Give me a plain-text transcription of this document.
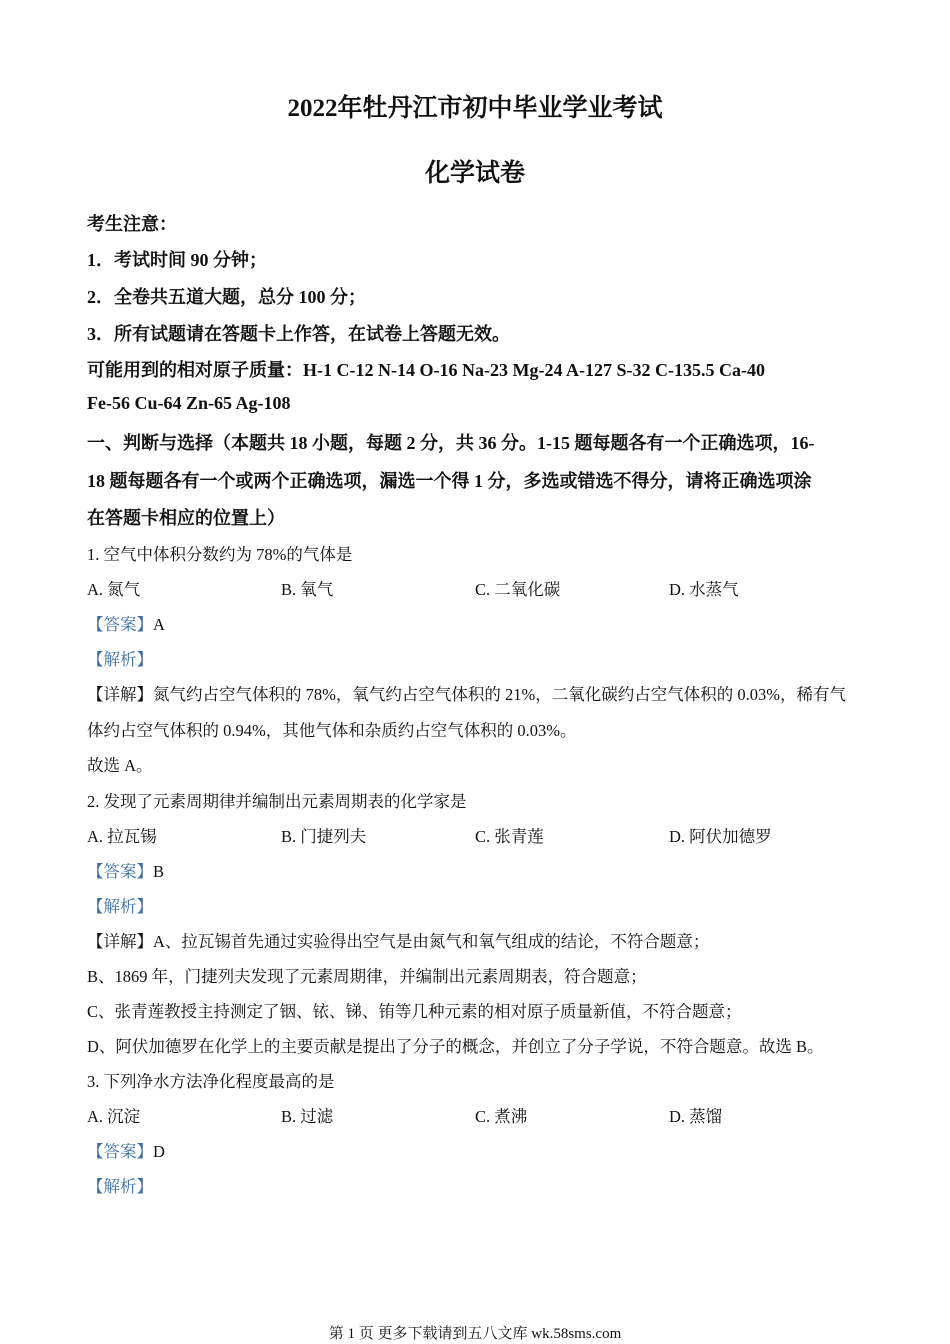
2022年牡丹江市初中毕业学业考试
化学试卷
考生注意：
1．考试时间 90 分钟；
2．全卷共五道大题，总分 100 分；
3．所有试题请在答题卡上作答，在试卷上答题无效。
可能用到的相对原子质量：H-1 C-12 N-14 O-16 Na-23 Mg-24 A-127 S-32 C-135.5 Ca-40
Fe-56 Cu-64 Zn-65 Ag-108
一、判断与选择（本题共 18 小题，每题 2 分，共 36 分。1-15 题每题各有一个正确选项，16-
18 题每题各有一个或两个正确选项，漏选一个得 1 分，多选或错选不得分，请将正确选项涂
在答题卡相应的位置上）
1. 空气中体积分数约为 78%的气体是
A. 氮气	B. 氧气	C. 二氧化碳	D. 水蒸气
【答案】A
【解析】
【详解】氮气约占空气体积的 78%，氧气约占空气体积的 21%，二氧化碳约占空气体积的 0.03%，稀有气
体约占空气体积的 0.94%，其他气体和杂质约占空气体积的 0.03%。
故选 A。
2. 发现了元素周期律并编制出元素周期表的化学家是
A. 拉瓦锡	B. 门捷列夫	C. 张青莲	D. 阿伏加德罗
【答案】B
【解析】
【详解】A、拉瓦锡首先通过实验得出空气是由氮气和氧气组成的结论，不符合题意；
B、1869 年，门捷列夫发现了元素周期律，并编制出元素周期表，符合题意；
C、张青莲教授主持测定了铟、铱、锑、铕等几种元素的相对原子质量新值，不符合题意；
D、阿伏加德罗在化学上的主要贡献是提出了分子的概念，并创立了分子学说，不符合题意。故选 B。
3. 下列净水方法净化程度最高的是
A. 沉淀	B. 过滤	C. 煮沸	D. 蒸馏
【答案】D
【解析】
第 1 页 更多下载请到五八文库 wk.58sms.com
